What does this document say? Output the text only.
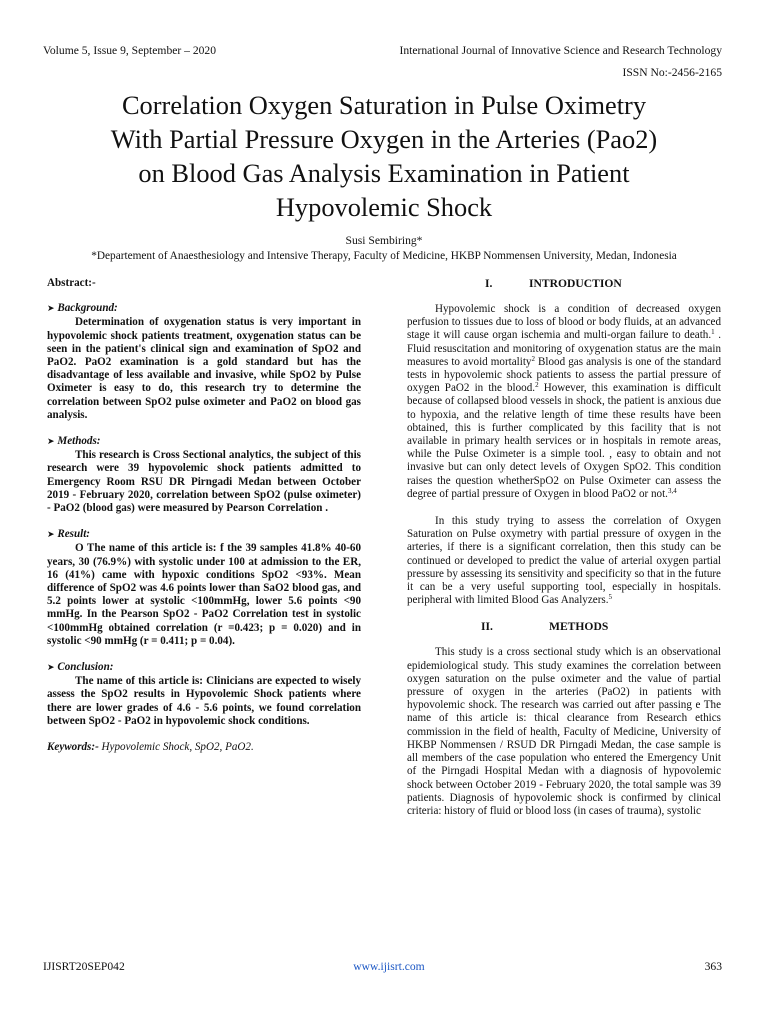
Volume 5, Issue 9, September – 2020	International Journal of Innovative Science and Research Technology
ISSN No:-2456-2165
Correlation Oxygen Saturation in Pulse Oximetry
With Partial Pressure Oxygen in the Arteries (Pao2)
on Blood Gas Analysis Examination in Patient
Hypovolemic Shock
Susi Sembiring*
*Departement of Anaesthesiology and Intensive Therapy, Faculty of Medicine, HKBP Nommensen University, Medan, Indonesia

Abstract:-

➤ Background:

Determination of oxygenation status is very important in hypovolemic shock patients treatment, oxygenation status can be seen in the patient's clinical sign and examination of SpO2 and PaO2. PaO2 examination is a gold standard but has the disadvantage of less available and invasive, while SpO2 by Pulse Oximeter is easy to do, this research try to determine the correlation between SpO2 pulse oximeter and PaO2 on blood gas analysis.

➤ Methods:

This research is Cross Sectional analytics, the subject of this research were 39 hypovolemic shock patients admitted to Emergency Room RSU DR Pirngadi Medan between October 2019 - February 2020, correlation between SpO2 (pulse oximeter) - PaO2 (blood gas) were measured by Pearson Correlation .

➤ Result:

O The name of this article is: f the 39 samples 41.8% 40-60 years, 30 (76.9%) with systolic under 100 at admission to the ER, 16 (41%) came with hypoxic conditions SpO2 <93%. Mean difference of SpO2 was 4.6 points lower than SaO2 blood gas, and 5.2 points lower at systolic <100mmHg, lower 5.6 points <90 mmHg. In the Pearson SpO2 - PaO2 Correlation test in systolic <100mmHg obtained correlation (r =0.423; p = 0.020) and in systolic <90 mmHg (r = 0.411; p = 0.04).

➤ Conclusion:

The name of this article is: Clinicians are expected to wisely assess the SpO2 results in Hypovolemic Shock patients where there are lower grades of 4.6 - 5.6 points, we found correlation between SpO2 - PaO2 in hypovolemic shock conditions.

Keywords:- Hypovolemic Shock, SpO2, PaO2.

I.	INTRODUCTION

Hypovolemic shock is a condition of decreased oxygen perfusion to tissues due to loss of blood or body fluids, at an advanced stage it will cause organ ischemia and multi-organ failure to death.$^1$ . Fluid resuscitation and monitoring of oxygenation status are the main measures to avoid mortality$^2$ Blood gas analysis is one of the standard tests in hypovolemic shock patients to assess the partial pressure of oxygen PaO2 in the blood.$^2$ However, this examination is difficult because of collapsed blood vessels in shock, the patient is anxious due to hypoxia, and the relative length of time these results have been obtained, this is further complicated by this facility that is not available in primary health services or in hospitals in remote areas, while the Pulse Oximeter is a simple tool. , easy to obtain and not invasive but can only detect levels of Oxygen SpO2. This condition raises the question whetherSpO2 on Pulse Oximeter can assess the degree of partial pressure of Oxygen in blood PaO2 or not.$^{3,4}$

In this study trying to assess the correlation of Oxygen Saturation on Pulse oxymetry with partial pressure of oxygen in the arteries, if there is a significant correlation, then this study can be continued or developed to predict the value of arterial oxygen partial pressure by assessing its sensitivity and specificity so that in the future it can be a very useful supporting tool, especially in hospitals. peripheral with limited Blood Gas Analyzers.$^5$

II.	METHODS

This study is a cross sectional study which is an observational epidemiological study. This study examines the correlation between oxygen saturation on the pulse oximeter and the value of partial pressure of oxygen in the arteries (PaO2) in patients with hypovolemic shock. The research was carried out after passing e The name of this article is: thical clearance from Research ethics commission in the field of health, Faculty of Medicine, University of HKBP Nommensen / RSUD DR Pirngadi Medan, the case sample is all members of the case population who entered the Emergency Unit of the Pirngadi Hospital Medan with a diagnosis of hypovolemic shock between October 2019 - February 2020, the total sample was 39 patients. Diagnosis of hypovolemic shock is confirmed by clinical criteria: history of fluid or blood loss (in cases of trauma), systolic

IJISRT20SEP042	www.ijisrt.com	363
